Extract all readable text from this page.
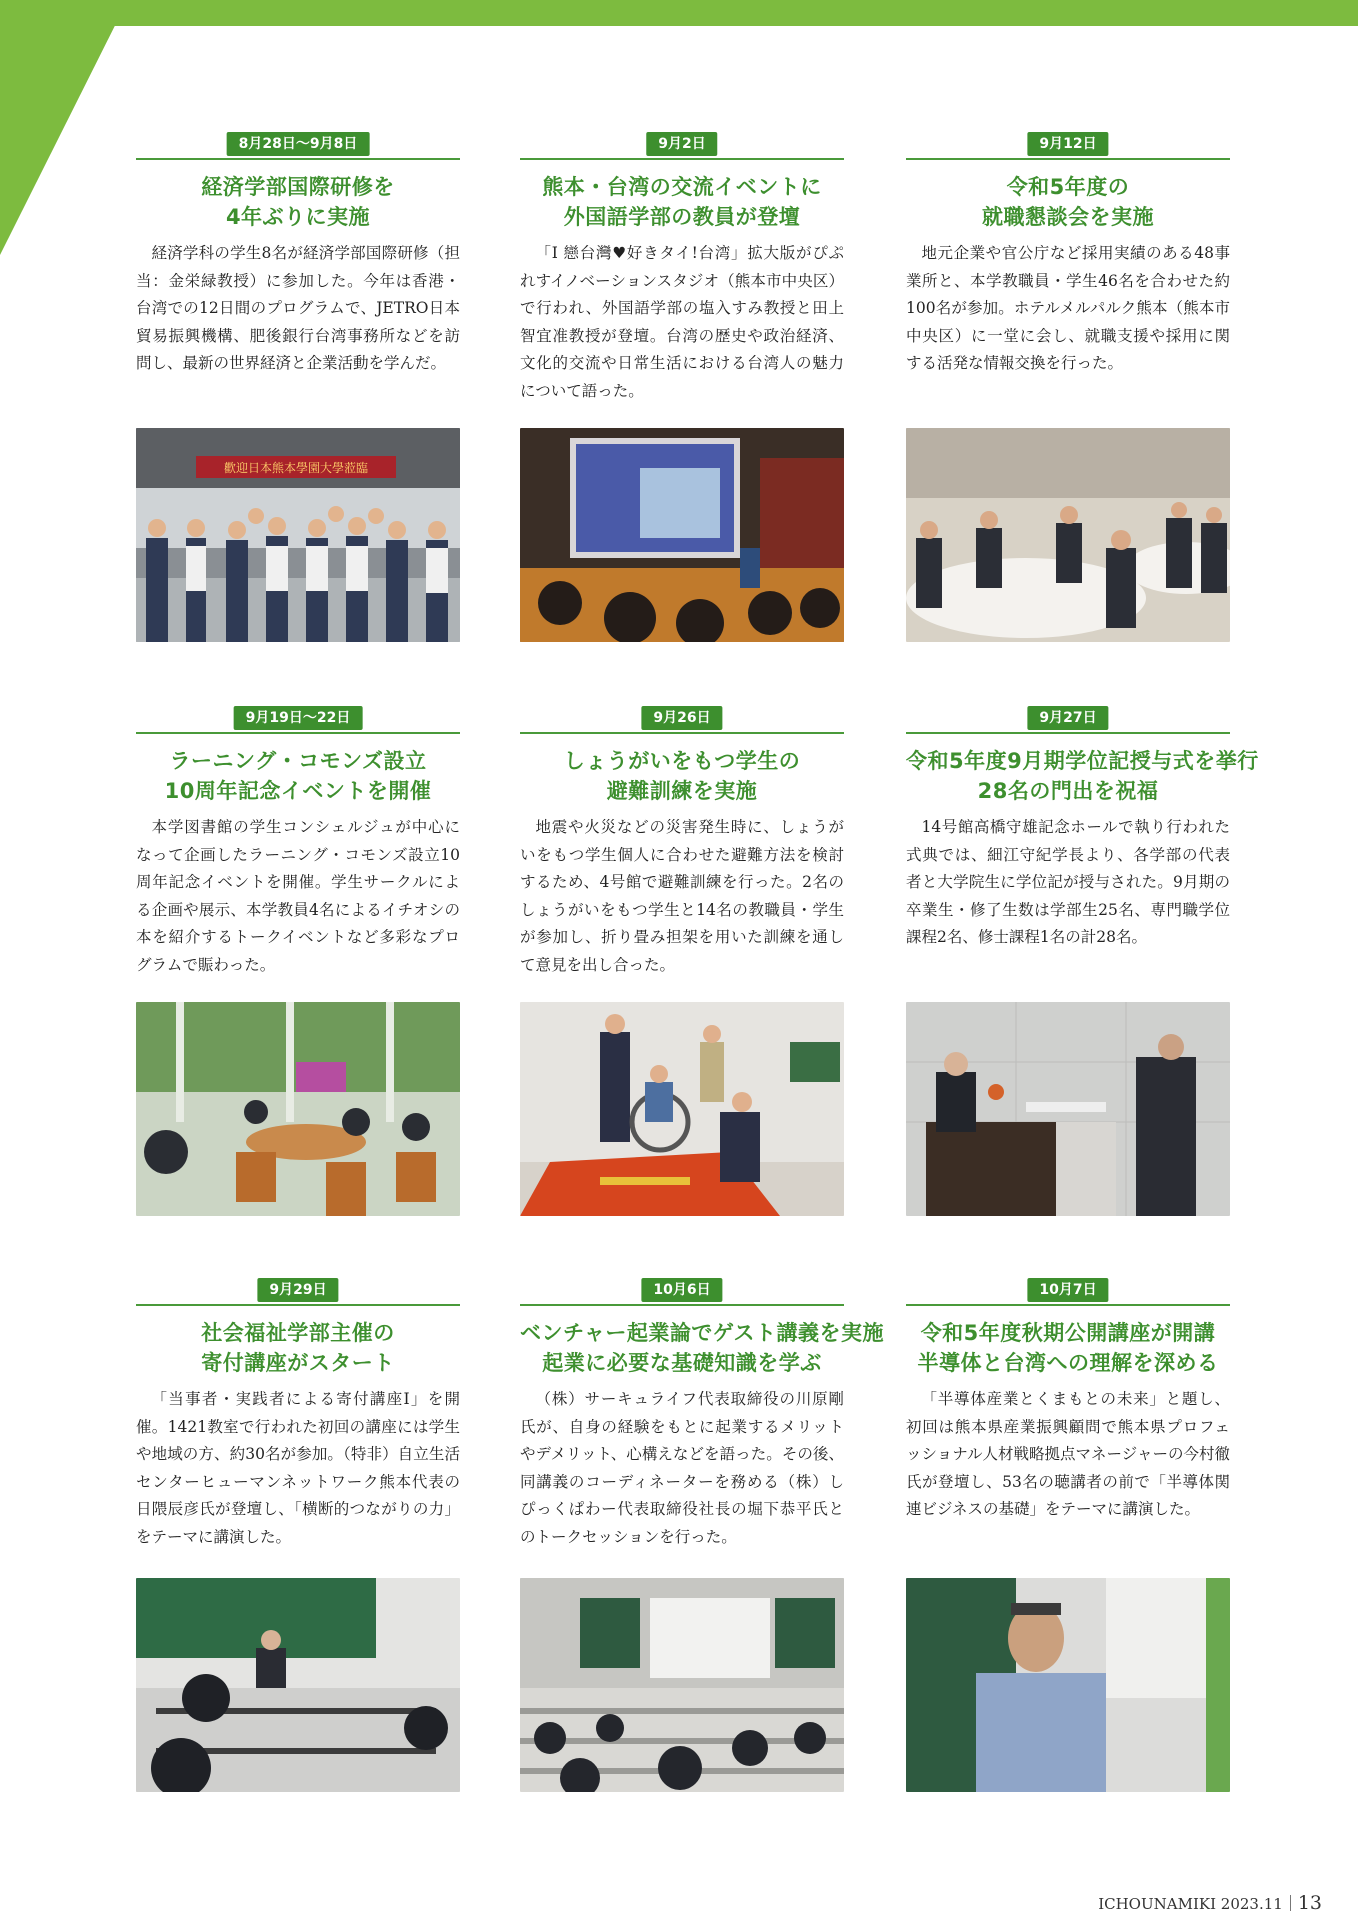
8月28日〜9月8日
経済学部国際研修を
4年ぶりに実施
経済学科の学生8名が経済学部国際研修（担当：金栄緑教授）に参加した。今年は香港・台湾での12日間のプログラムで、JETRO日本貿易振興機構、肥後銀行台湾事務所などを訪問し、最新の世界経済と企業活動を学んだ。
歡迎日本熊本學園大學蒞臨
9月2日
熊本・台湾の交流イベントに
外国語学部の教員が登壇
「I 戀台灣♥好きタイ!台湾」拡大版がぴぷれすイノベーションスタジオ（熊本市中央区）で行われ、外国語学部の塩入すみ教授と田上智宜准教授が登壇。台湾の歴史や政治経済、文化的交流や日常生活における台湾人の魅力について語った。
9月12日
令和5年度の
就職懇談会を実施
地元企業や官公庁など採用実績のある48事業所と、本学教職員・学生46名を合わせた約100名が参加。ホテルメルパルク熊本（熊本市中央区）に一堂に会し、就職支援や採用に関する活発な情報交換を行った。
9月19日〜22日
ラーニング・コモンズ設立
10周年記念イベントを開催
本学図書館の学生コンシェルジュが中心になって企画したラーニング・コモンズ設立10周年記念イベントを開催。学生サークルによる企画や展示、本学教員4名によるイチオシの本を紹介するトークイベントなど多彩なプログラムで賑わった。
9月26日
しょうがいをもつ学生の
避難訓練を実施
地震や火災などの災害発生時に、しょうがいをもつ学生個人に合わせた避難方法を検討するため、4号館で避難訓練を行った。2名のしょうがいをもつ学生と14名の教職員・学生が参加し、折り畳み担架を用いた訓練を通して意見を出し合った。
9月27日
令和5年度9月期学位記授与式を挙行
28名の門出を祝福
14号館高橋守雄記念ホールで執り行われた式典では、細江守紀学長より、各学部の代表者と大学院生に学位記が授与された。9月期の卒業生・修了生数は学部生25名、専門職学位課程2名、修士課程1名の計28名。
9月29日
社会福祉学部主催の
寄付講座がスタート
「当事者・実践者による寄付講座Ⅰ」を開催。1421教室で行われた初回の講座には学生や地域の方、約30名が参加。（特非）自立生活センターヒューマンネットワーク熊本代表の日隈辰彦氏が登壇し、「横断的つながりの力」をテーマに講演した。
10月6日
ベンチャー起業論でゲスト講義を実施
起業に必要な基礎知識を学ぶ
（株）サーキュライフ代表取締役の川原剛氏が、自身の経験をもとに起業するメリットやデメリット、心構えなどを語った。その後、同講義のコーディネーターを務める（株）しぴっくぱわー代表取締役社長の堀下恭平氏とのトークセッションを行った。
10月7日
令和5年度秋期公開講座が開講
半導体と台湾への理解を深める
「半導体産業とくまもとの未来」と題し、初回は熊本県産業振興顧問で熊本県プロフェッショナル人材戦略拠点マネージャーの今村徹氏が登壇し、53名の聴講者の前で「半導体関連ビジネスの基礎」をテーマに講演した。
ICHOUNAMIKI 2023.11 13
